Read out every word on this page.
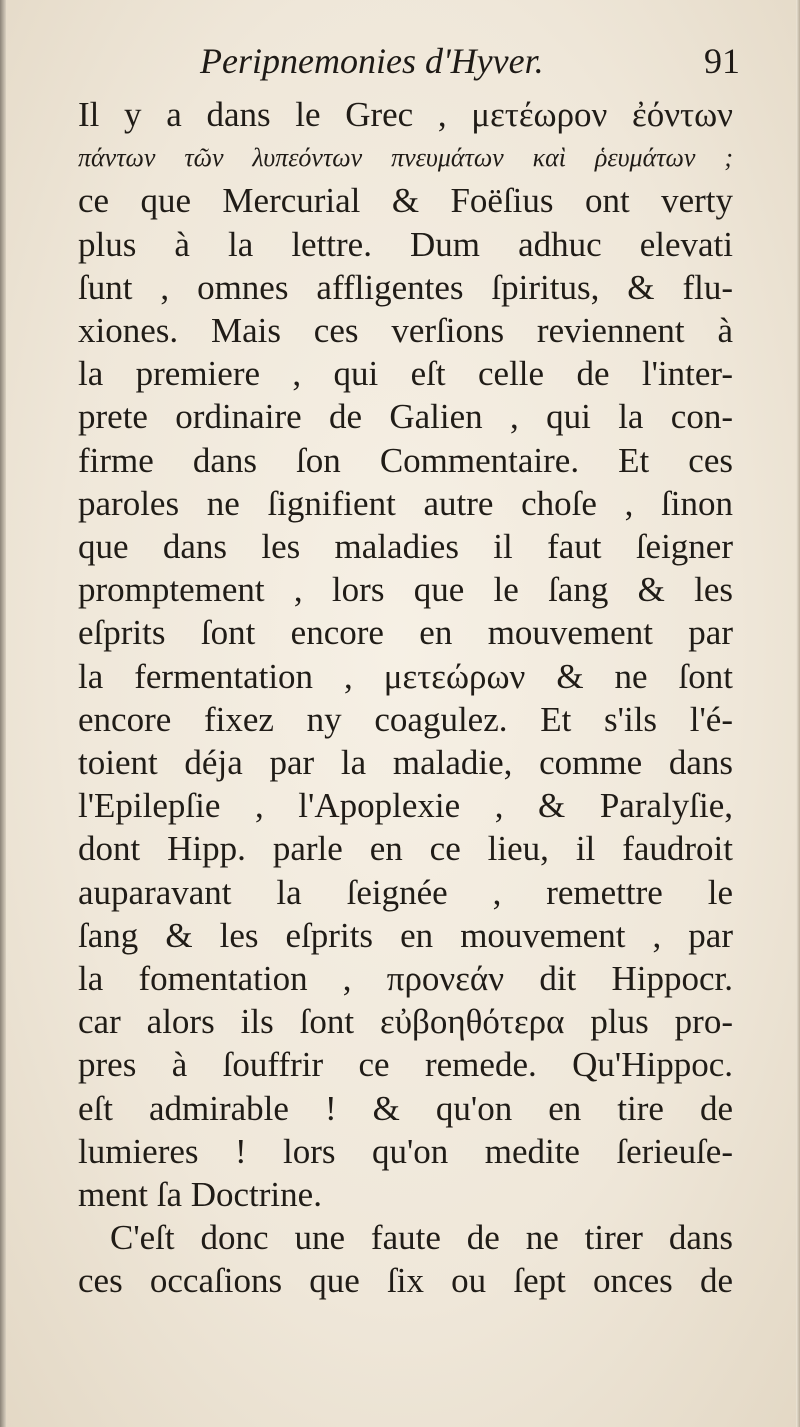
Peripnemonies d'Hyver.	91
Il y a dans le Grec , μετέωρον ἐόντων
πάντων τῶν λυπεόντων πνευμάτων καὶ ῥευμάτων ;
ce que Mercurial & Foëſius ont verty
plus à la lettre. Dum adhuc elevati
ſunt , omnes affligentes ſpiritus, & flu-
xiones. Mais ces verſions reviennent à
la premiere , qui eſt celle de l'inter-
prete ordinaire de Galien , qui la con-
firme dans ſon Commentaire. Et ces
paroles ne ſignifient autre choſe , ſinon
que dans les maladies il faut ſeigner
promptement , lors que le ſang & les
eſprits ſont encore en mouvement par
la fermentation , μετεώρων & ne ſont
encore fixez ny coagulez. Et s'ils l'é-
toient déja par la maladie, comme dans
l'Epilepſie , l'Apoplexie , & Paralyſie,
dont Hipp. parle en ce lieu, il faudroit
auparavant la ſeignée , remettre le
ſang & les eſprits en mouvement , par
la fomentation , προνεάν dit Hippocr.
car alors ils ſont εὐβοηθότερα plus pro-
pres à ſouffrir ce remede. Qu'Hippoc.
eſt admirable ! & qu'on en tire de
lumieres ! lors qu'on medite ſerieuſe-
ment ſa Doctrine.
C'eſt donc une faute de ne tirer dans
ces occaſions que ſix ou ſept onces de
